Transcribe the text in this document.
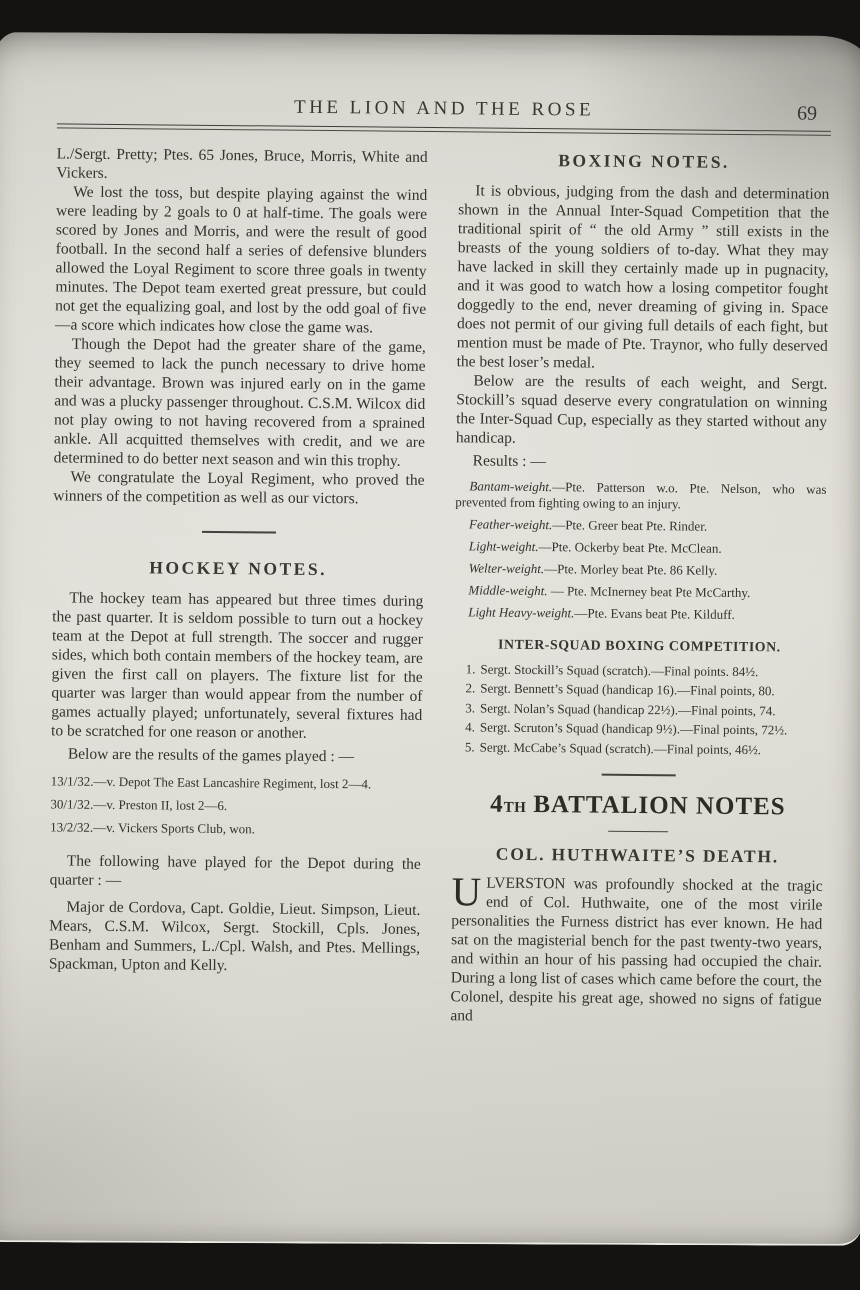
THE LION AND THE ROSE	69

L./Sergt. Pretty; Ptes. 65 Jones, Bruce, Morris, White and Vickers.

We lost the toss, but despite playing against the wind were leading by 2 goals to 0 at half-time. The goals were scored by Jones and Morris, and were the result of good football. In the second half a series of defensive blunders allowed the Loyal Regiment to score three goals in twenty minutes. The Depot team exerted great pressure, but could not get the equalizing goal, and lost by the odd goal of five—a score which indicates how close the game was.

Though the Depot had the greater share of the game, they seemed to lack the punch necessary to drive home their advantage. Brown was injured early on in the game and was a plucky passenger throughout. C.S.M. Wilcox did not play owing to not having recovered from a sprained ankle. All acquitted themselves with credit, and we are determined to do better next season and win this trophy.

We congratulate the Loyal Regiment, who proved the winners of the competition as well as our victors.

HOCKEY NOTES.

The hockey team has appeared but three times during the past quarter. It is seldom possible to turn out a hockey team at the Depot at full strength. The soccer and rugger sides, which both contain members of the hockey team, are given the first call on players. The fixture list for the quarter was larger than would appear from the number of games actually played; unfortunately, several fixtures had to be scratched for one reason or another.

Below are the results of the games played : —

13/1/32.—v. Depot The East Lancashire Regiment, lost 2—4.

30/1/32.—v. Preston II, lost 2—6.

13/2/32.—v. Vickers Sports Club, won.

The following have played for the Depot during the quarter : —

Major de Cordova, Capt. Goldie, Lieut. Simpson, Lieut. Mears, C.S.M. Wilcox, Sergt. Stockill, Cpls. Jones, Benham and Summers, L./Cpl. Walsh, and Ptes. Mellings, Spackman, Upton and Kelly.

BOXING NOTES.

It is obvious, judging from the dash and determination shown in the Annual Inter-Squad Competition that the traditional spirit of “ the old Army ” still exists in the breasts of the young soldiers of to-day. What they may have lacked in skill they certainly made up in pugnacity, and it was good to watch how a losing competitor fought doggedly to the end, never dreaming of giving in. Space does not permit of our giving full details of each fight, but mention must be made of Pte. Traynor, who fully deserved the best loser’s medal.

Below are the results of each weight, and Sergt. Stockill’s squad deserve every congratulation on winning the Inter-Squad Cup, especially as they started without any handicap.

Results : —

Bantam-weight.—Pte. Patterson w.o. Pte. Nelson, who was prevented from fighting owing to an injury.

Feather-weight.—Pte. Greer beat Pte. Rinder.

Light-weight.—Pte. Ockerby beat Pte. McClean.

Welter-weight.—Pte. Morley beat Pte. 86 Kelly.

Middle-weight. — Pte. McInerney beat Pte McCarthy.

Light Heavy-weight.—Pte. Evans beat Pte. Kilduff.

INTER-SQUAD BOXING COMPETITION.

1. Sergt. Stockill’s Squad (scratch).—Final points. 84½.

2. Sergt. Bennett’s Squad (handicap 16).—Final points, 80.

3. Sergt. Nolan’s Squad (handicap 22½).—Final points, 74.

4. Sergt. Scruton’s Squad (handicap 9½).—Final points, 72½.

5. Sergt. McCabe’s Squad (scratch).—Final points, 46½.

4TH BATTALION NOTES
COL. HUTHWAITE’S DEATH.

ULVERSTON was profoundly shocked at the tragic end of Col. Huthwaite, one of the most virile personalities the Furness district has ever known. He had sat on the magisterial bench for the past twenty-two years, and within an hour of his passing had occupied the chair. During a long list of cases which came before the court, the Colonel, despite his great age, showed no signs of fatigue and
